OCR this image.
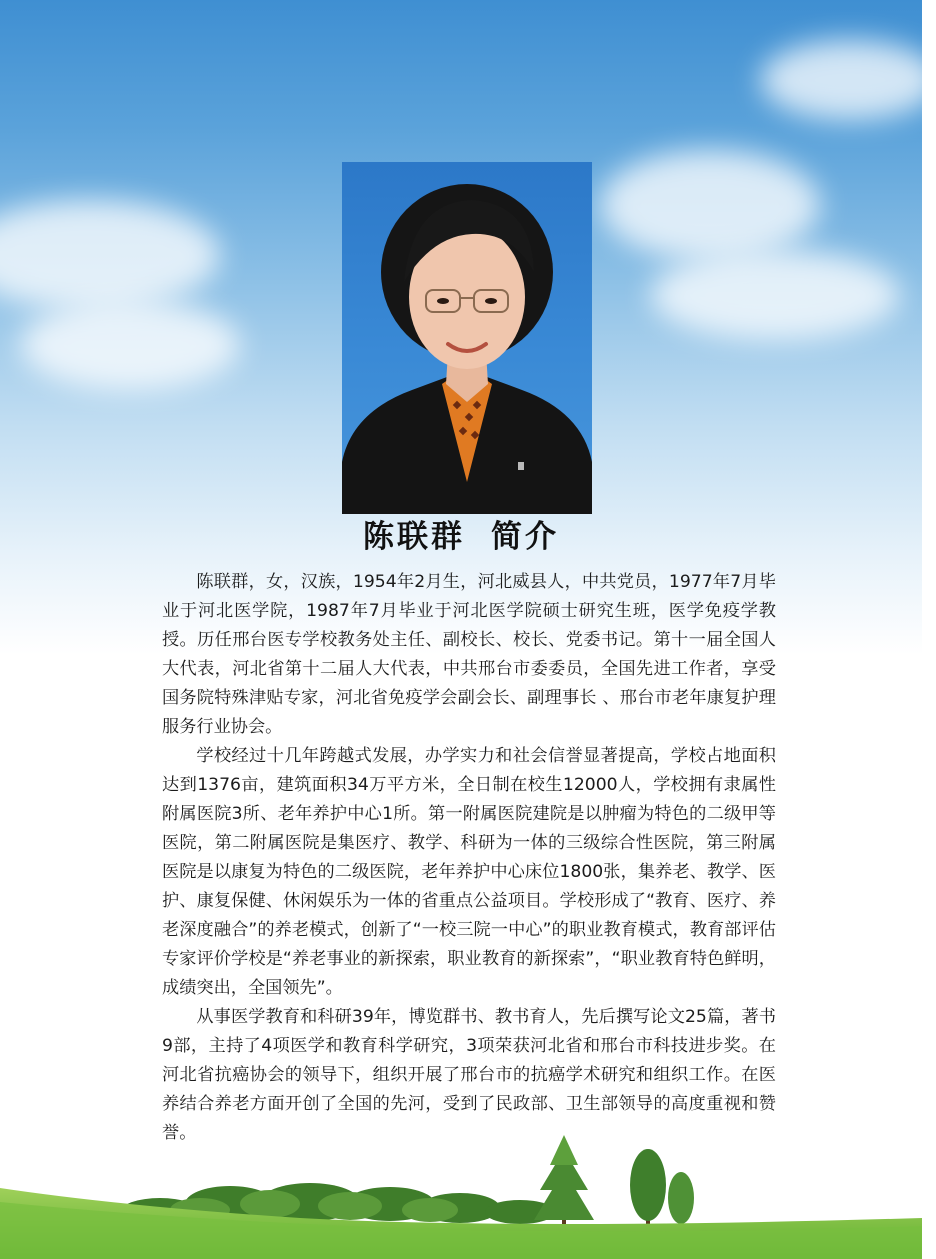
陈联群 简介

陈联群，女，汉族，1954年2月生，河北威县人，中共党员，1977年7月毕业于河北医学院，1987年7月毕业于河北医学院硕士研究生班，医学免疫学教授。历任邢台医专学校教务处主任、副校长、校长、党委书记。第十一届全国人大代表，河北省第十二届人大代表，中共邢台市委委员，全国先进工作者，享受国务院特殊津贴专家，河北省免疫学会副会长、副理事长 、邢台市老年康复护理服务行业协会。

学校经过十几年跨越式发展，办学实力和社会信誉显著提高，学校占地面积达到1376亩，建筑面积34万平方米，全日制在校生12000人，学校拥有隶属性附属医院3所、老年养护中心1所。第一附属医院建院是以肿瘤为特色的二级甲等医院，第二附属医院是集医疗、教学、科研为一体的三级综合性医院，第三附属医院是以康复为特色的二级医院，老年养护中心床位1800张，集养老、教学、医护、康复保健、休闲娱乐为一体的省重点公益项目。学校形成了“教育、医疗、养老深度融合”的养老模式，创新了“一校三院一中心”的职业教育模式，教育部评估专家评价学校是“养老事业的新探索，职业教育的新探索”，“职业教育特色鲜明，成绩突出，全国领先”。

从事医学教育和科研39年，博览群书、教书育人，先后撰写论文25篇，著书9部，主持了4项医学和教育科学研究，3项荣获河北省和邢台市科技进步奖。在河北省抗癌协会的领导下，组织开展了邢台市的抗癌学术研究和组织工作。在医养结合养老方面开创了全国的先河，受到了民政部、卫生部领导的高度重视和赞誉。
